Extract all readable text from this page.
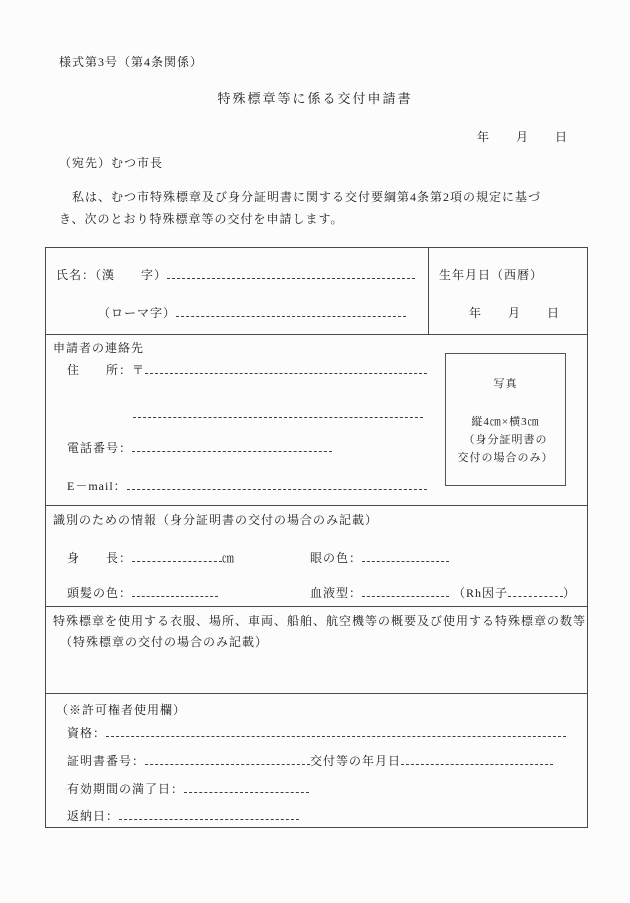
様式第3号（第4条関係）
特殊標章等に係る交付申請書
年　　月　　日
（宛先）むつ市長
　私は、むつ市特殊標章及び身分証明書に関する交付要綱第4条第2項の規定に基づ
き、次のとおり特殊標章等の交付を申請します。
氏名：（漢　　字）
（ローマ字）
生年月日（西暦）
年　　月　　日
申請者の連絡先
住　　所：〒
電話番号：
E－mail：
写真
縦4㎝×横3㎝
（身分証明書の
交付の場合のみ）
識別のための情報（身分証明書の交付の場合のみ記載）
身　　長：	㎝	眼の色：
頭髪の色：	血液型：	（Rh因子	）
特殊標章を使用する衣服、場所、車両、船舶、航空機等の概要及び使用する特殊標章の数等
（特殊標章の交付の場合のみ記載）
（※許可権者使用欄）
資格：
証明書番号：	交付等の年月日
有効期間の満了日：
返納日：
